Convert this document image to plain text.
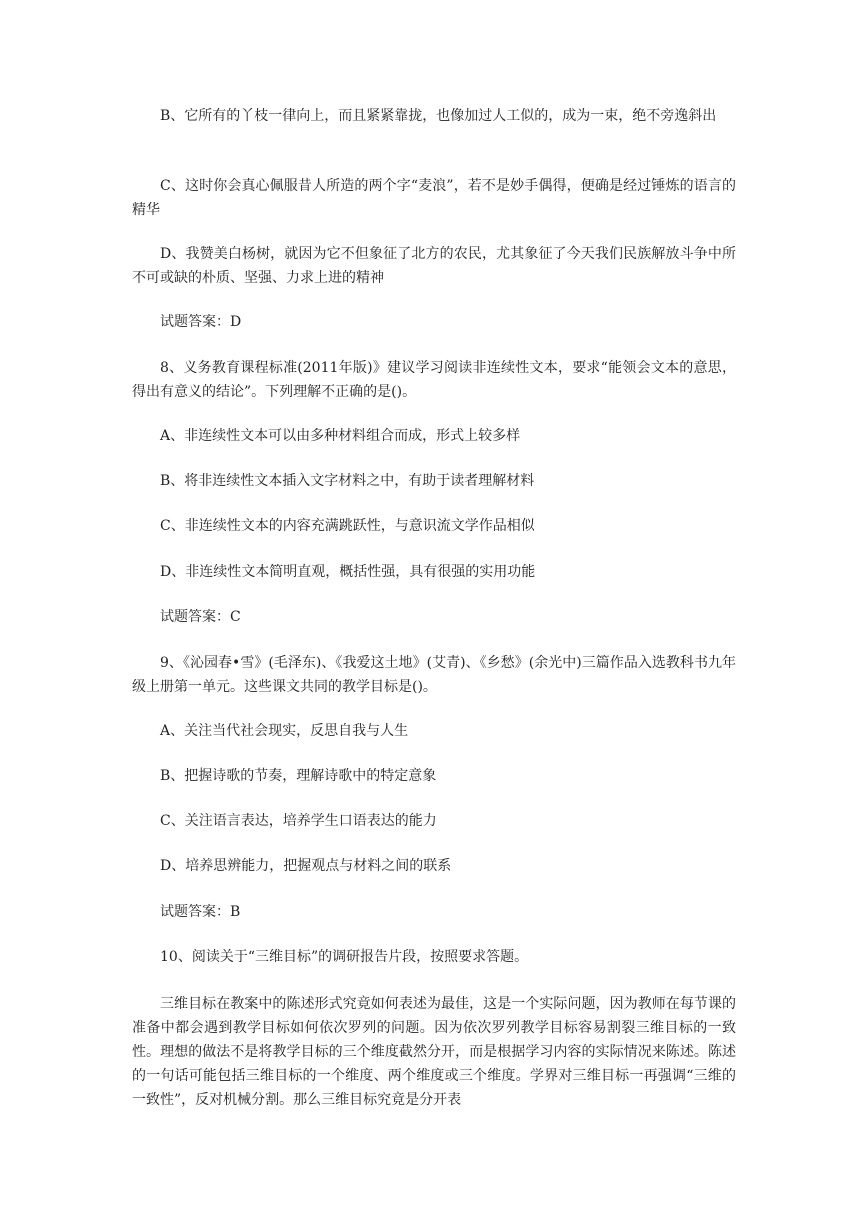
B、它所有的丫枝一律向上，而且紧紧靠拢，也像加过人工似的，成为一束，绝不旁逸斜出

C、这时你会真心佩服昔人所造的两个字“麦浪”，若不是妙手偶得，便确是经过锤炼的语言的精华

D、我赞美白杨树，就因为它不但象征了北方的农民，尤其象征了今天我们民族解放斗争中所不可或缺的朴质、坚强、力求上进的精神

试题答案：D

8、义务教育课程标准(2011年版)》建议学习阅读非连续性文本，要求“能领会文本的意思，得出有意义的结论”。下列理解不正确的是()。

A、非连续性文本可以由多种材料组合而成，形式上较多样

B、将非连续性文本插入文字材料之中，有助于读者理解材料

C、非连续性文本的内容充满跳跃性，与意识流文学作品相似

D、非连续性文本简明直观，概括性强，具有很强的实用功能

试题答案：C

9、《沁园春•雪》(毛泽东)、《我爱这土地》(艾青)、《乡愁》(余光中)三篇作品入选教科书九年级上册第一单元。这些课文共同的教学目标是()。

A、关注当代社会现实，反思自我与人生

B、把握诗歌的节奏，理解诗歌中的特定意象

C、关注语言表达，培养学生口语表达的能力

D、培养思辨能力，把握观点与材料之间的联系

试题答案：B

10、阅读关于“三维目标”的调研报告片段，按照要求答题。

三维目标在教案中的陈述形式究竟如何表述为最佳，这是一个实际问题，因为教师在每节课的准备中都会遇到教学目标如何依次罗列的问题。因为依次罗列教学目标容易割裂三维目标的一致性。理想的做法不是将教学目标的三个维度截然分开，而是根据学习内容的实际情况来陈述。陈述的一句话可能包括三维目标的一个维度、两个维度或三个维度。学界对三维目标一再强调“三维的一致性”，反对机械分割。那么三维目标究竟是分开表
